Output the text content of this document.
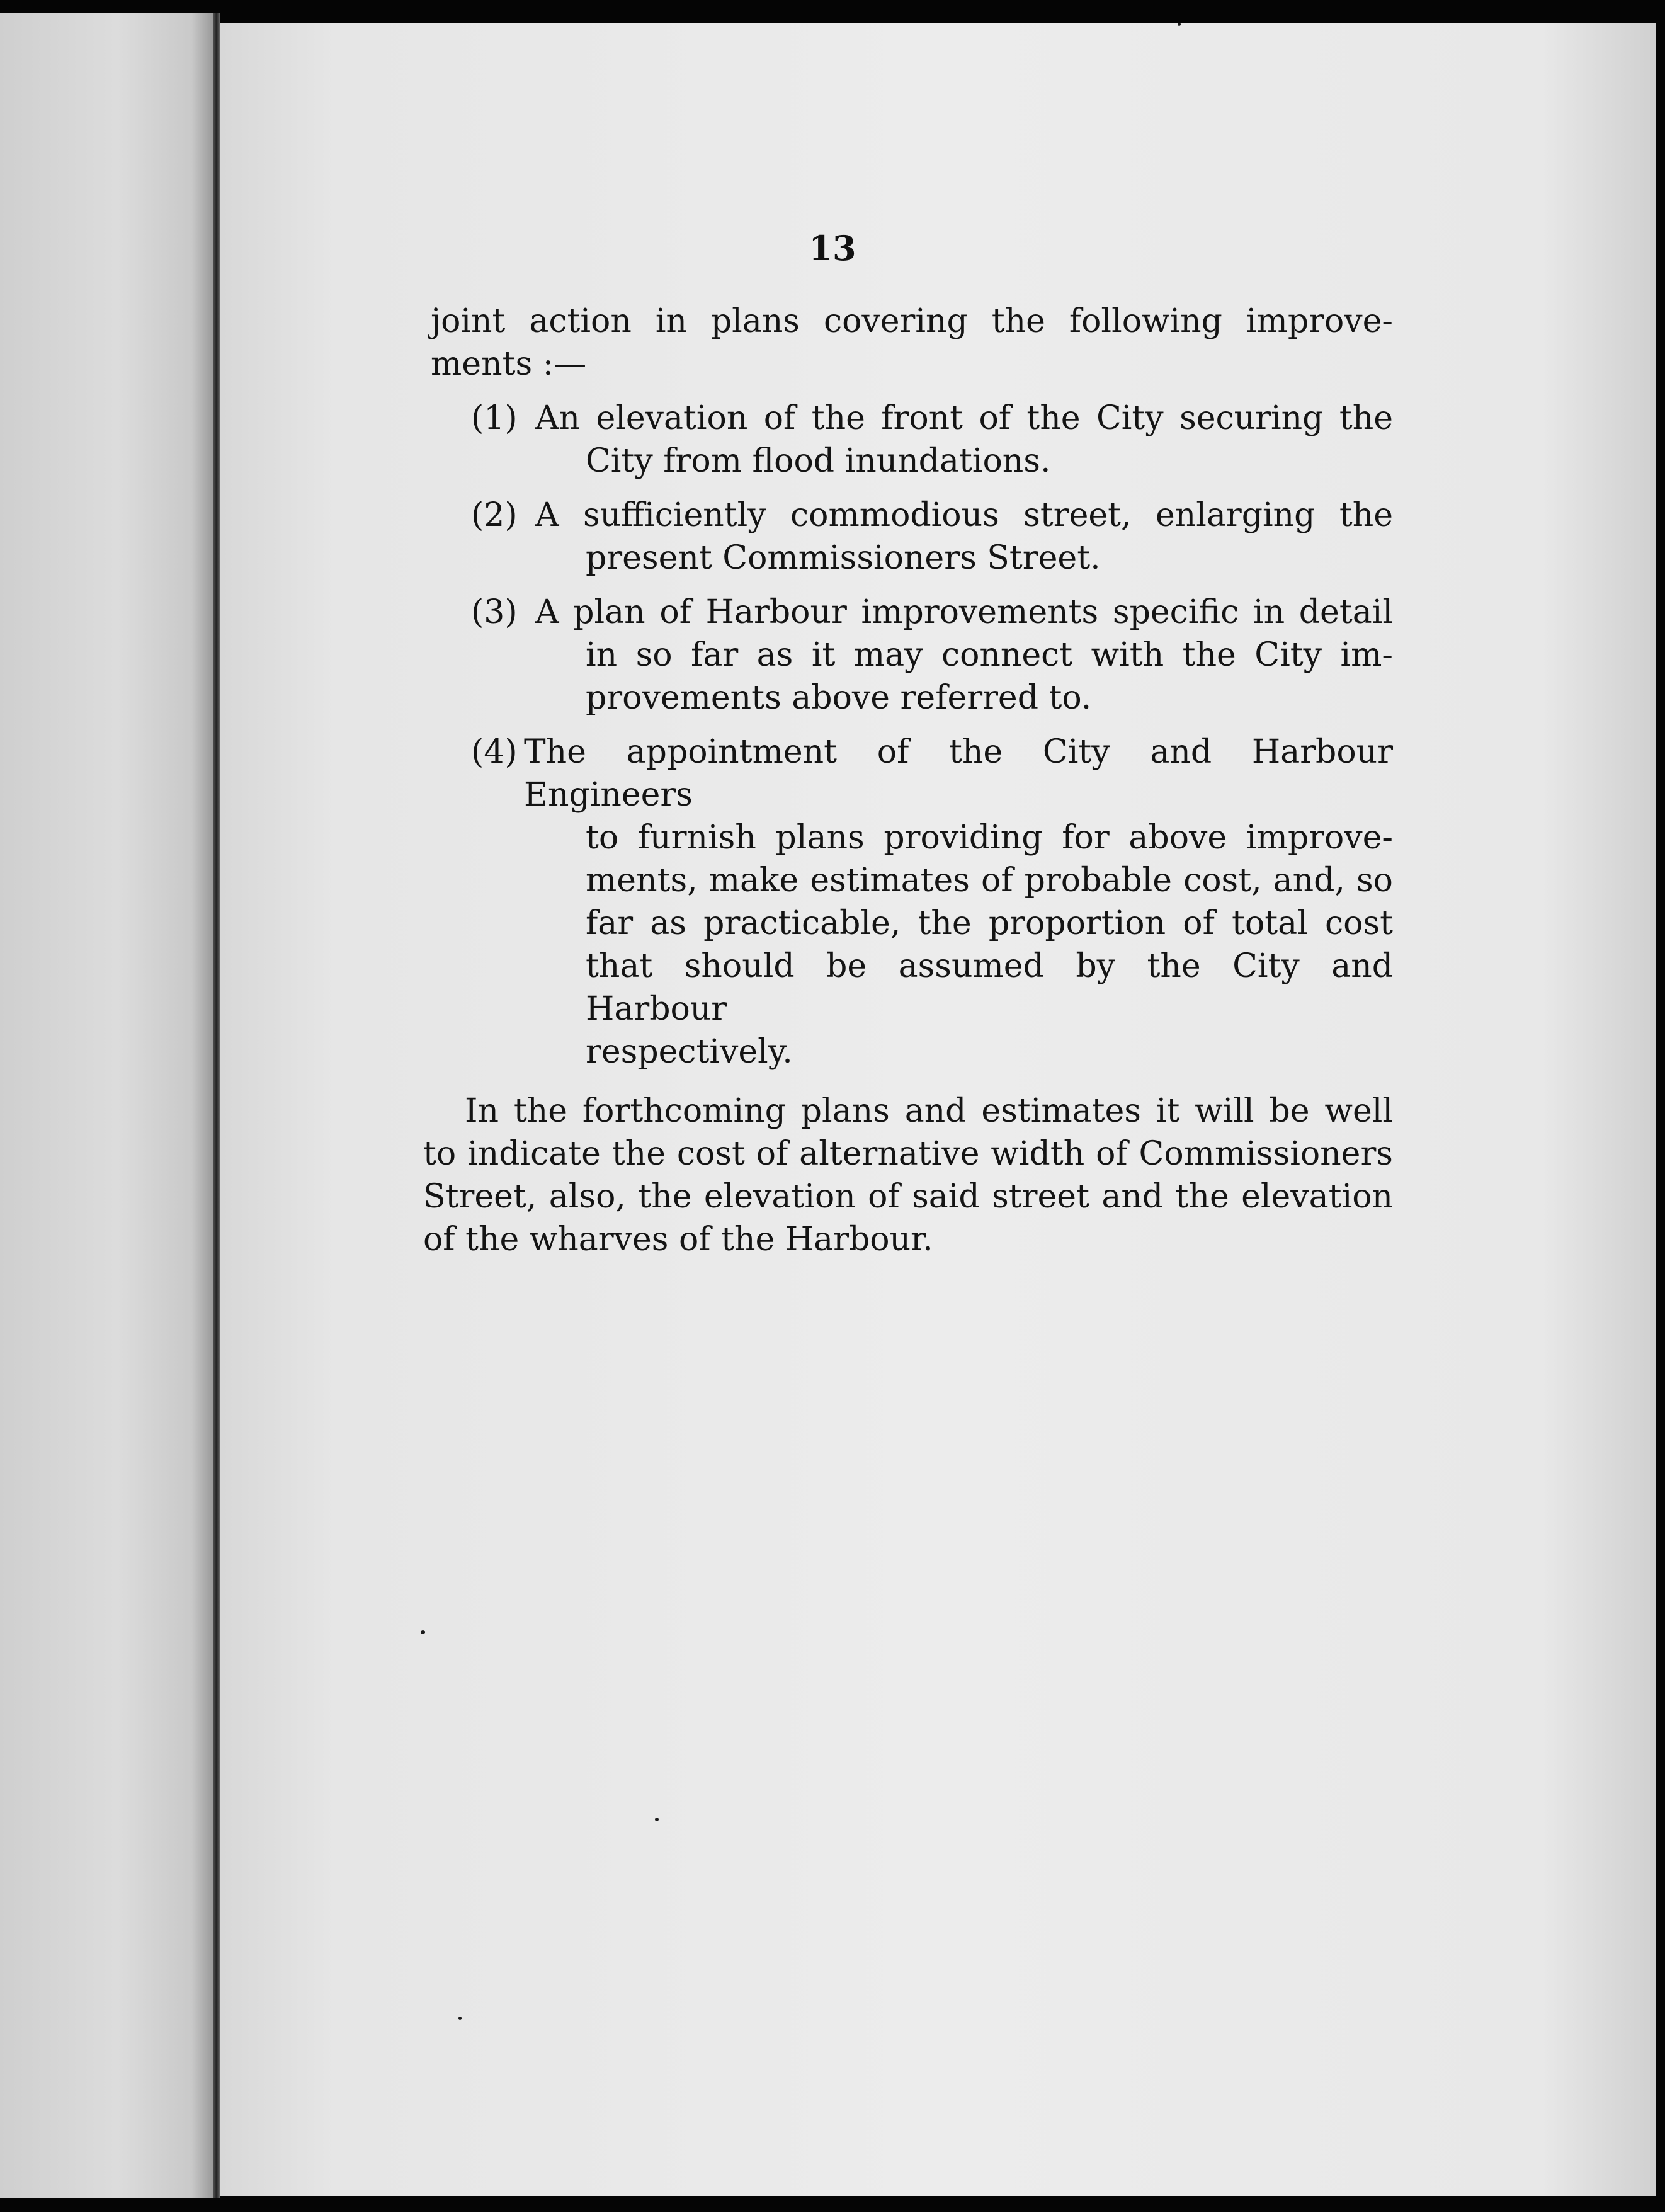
13
joint action in plans covering the following improve-
ments :—
(1) An elevation of the front of the City securing the
City from flood inundations.
(2) A sufficiently commodious street, enlarging the
present Commissioners Street.
(3) A plan of Harbour improvements specific in detail
in so far as it may connect with the City im-
provements above referred to.
(4) The appointment of the City and Harbour Engineers
to furnish plans providing for above improve-
ments, make estimates of probable cost, and, so
far as practicable, the proportion of total cost
that should be assumed by the City and Harbour
respectively.
In the forthcoming plans and estimates it will be well
to indicate the cost of alternative width of Commissioners
Street, also, the elevation of said street and the elevation
of the wharves of the Harbour.
